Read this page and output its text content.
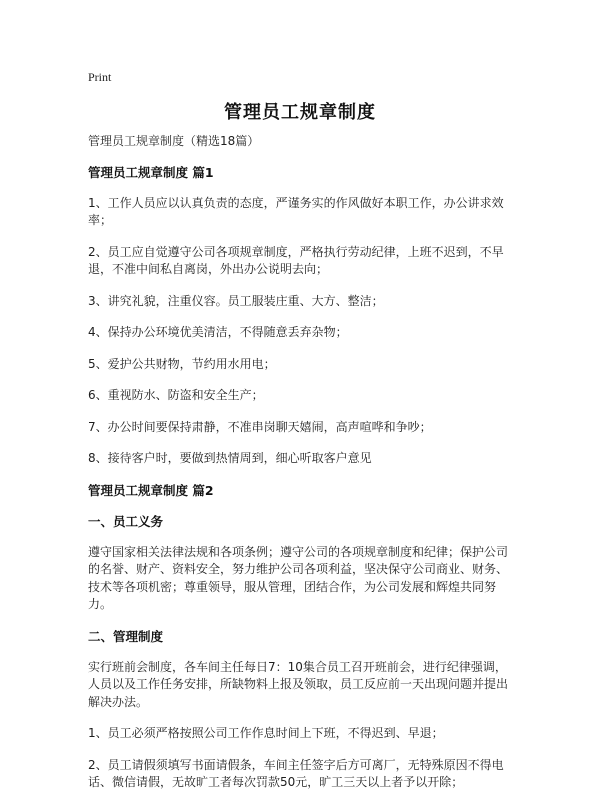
Print
管理员工规章制度

管理员工规章制度（精选18篇）

管理员工规章制度 篇1

1、工作人员应以认真负责的态度，严谨务实的作风做好本职工作，办公讲求效率；

2、员工应自觉遵守公司各项规章制度，严格执行劳动纪律，上班不迟到，不早退，不准中间私自离岗，外出办公说明去向；

3、讲究礼貌，注重仪容。员工服装庄重、大方、整洁；

4、保持办公环境优美清洁，不得随意丢弃杂物；

5、爱护公共财物，节约用水用电；

6、重视防水、防盗和安全生产；

7、办公时间要保持肃静，不准串岗聊天嬉闹，高声喧哗和争吵；

8、接待客户时，要做到热情周到，细心听取客户意见

管理员工规章制度 篇2

一、员工义务

遵守国家相关法律法规和各项条例；遵守公司的各项规章制度和纪律；保护公司的名誉、财产、资料安全，努力维护公司各项利益，坚决保守公司商业、财务、技术等各项机密；尊重领导，服从管理，团结合作，为公司发展和辉煌共同努力。

二、管理制度

实行班前会制度，各车间主任每日7：10集合员工召开班前会，进行纪律强调，人员以及工作任务安排，所缺物料上报及领取，员工反应前一天出现问题并提出解决办法。

1、员工必须严格按照公司工作作息时间上下班，不得迟到、早退；

2、员工请假须填写书面请假条，车间主任签字后方可离厂，无特殊原因不得电话、微信请假，无故旷工者每次罚款50元，旷工三天以上者予以开除；
